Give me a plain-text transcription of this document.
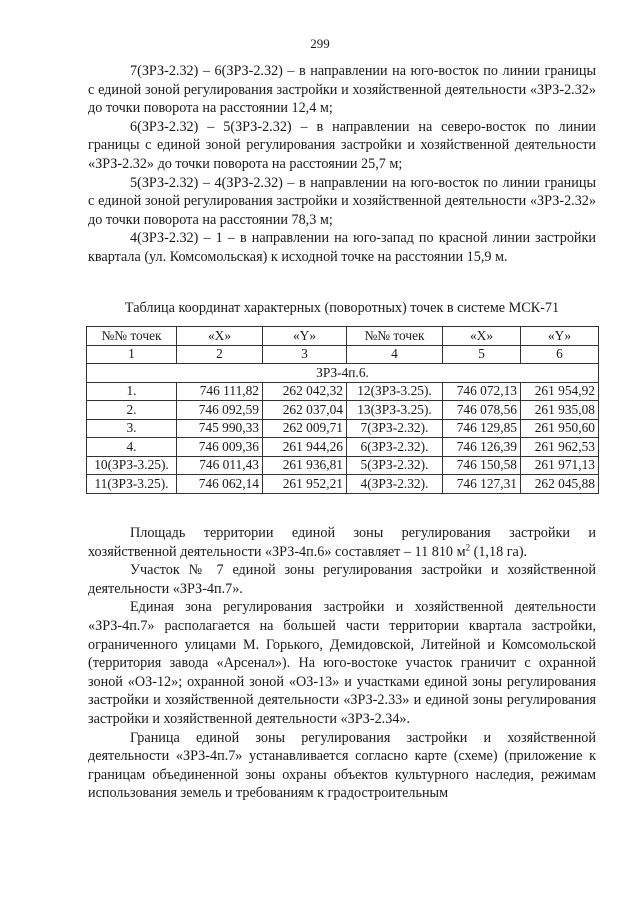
299

7(ЗРЗ-2.32) – 6(ЗРЗ-2.32) – в направлении на юго-восток по линии границы с единой зоной регулирования застройки и хозяйственной деятельности «ЗРЗ-2.32» до точки поворота на расстоянии 12,4 м;

6(ЗРЗ-2.32) – 5(ЗРЗ-2.32) – в направлении на северо-восток по линии границы с единой зоной регулирования застройки и хозяйственной деятельности «ЗРЗ-2.32» до точки поворота на расстоянии 25,7 м;

5(ЗРЗ-2.32) – 4(ЗРЗ-2.32) – в направлении на юго-восток по линии границы с единой зоной регулирования застройки и хозяйственной деятельности «ЗРЗ-2.32» до точки поворота на расстоянии 78,3 м;

4(ЗРЗ-2.32) – 1 – в направлении на юго-запад по красной линии застройки квартала (ул. Комсомольская) к исходной точке на расстоянии 15,9 м.

Таблица координат характерных (поворотных) точек в системе МСК-71
№№ точек	«X»	«Y»	№№ точек	«X»	«Y»
1	2	3	4	5	6
ЗРЗ-4п.6.					
1.	746 111,82	262 042,32	12(ЗРЗ-3.25).	746 072,13	261 954,92
2.	746 092,59	262 037,04	13(ЗРЗ-3.25).	746 078,56	261 935,08
3.	745 990,33	262 009,71	7(ЗРЗ-2.32).	746 129,85	261 950,60
4.	746 009,36	261 944,26	6(ЗРЗ-2.32).	746 126,39	261 962,53
10(ЗРЗ-3.25).	746 011,43	261 936,81	5(ЗРЗ-2.32).	746 150,58	261 971,13
11(ЗРЗ-3.25).	746 062,14	261 952,21	4(ЗРЗ-2.32).	746 127,31	262 045,88

Площадь территории единой зоны регулирования застройки и хозяйственной деятельности «ЗРЗ-4п.6» составляет – 11 810 $м^2$ (1,18 га).

Участок № 7 единой зоны регулирования застройки и хозяйственной деятельности «ЗРЗ-4п.7».

Единая зона регулирования застройки и хозяйственной деятельности «ЗРЗ-4п.7» располагается на большей части территории квартала застройки, ограниченного улицами М. Горького, Демидовской, Литейной и Комсомольской (территория завода «Арсенал»). На юго-востоке участок граничит с охранной зоной «ОЗ-12»; охранной зоной «ОЗ-13» и участками единой зоны регулирования застройки и хозяйственной деятельности «ЗРЗ-2.33» и единой зоны регулирования застройки и хозяйственной деятельности «ЗРЗ-2.34».

Граница единой зоны регулирования застройки и хозяйственной деятельности «ЗРЗ-4п.7» устанавливается согласно карте (схеме) (приложение к границам объединенной зоны охраны объектов культурного наследия, режимам использования земель и требованиям к градостроительным
